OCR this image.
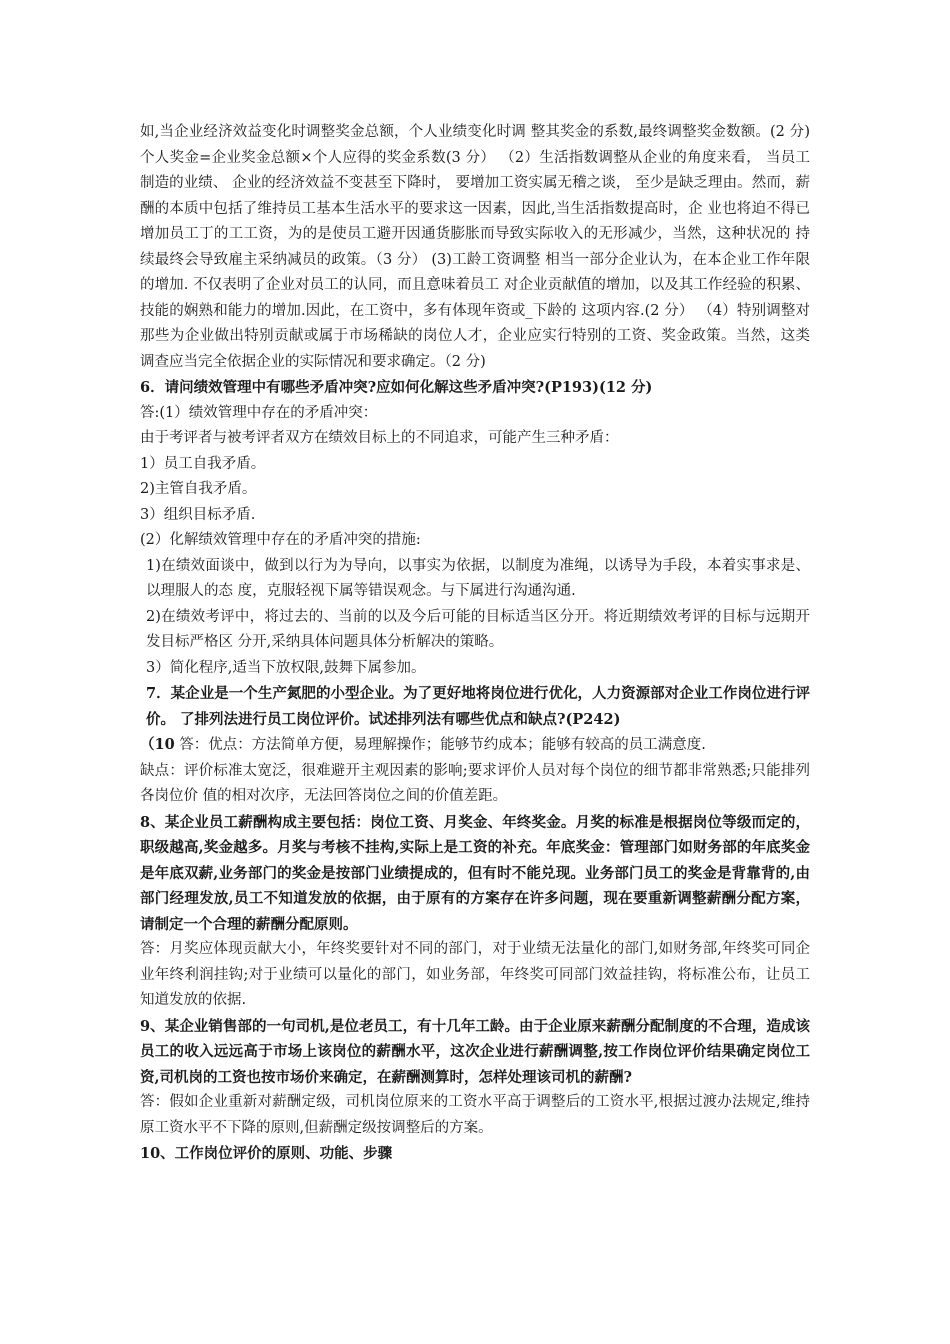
如,当企业经济效益变化时调整奖金总额，个人业绩变化时调 整其奖金的系数,最终调整奖金数额。(2 分) 个人奖金=企业奖金总额×个人应得的奖金系数(3 分） （2）生活指数调整从企业的角度来看， 当员工制造的业绩、 企业的经济效益不变甚至下降时， 要增加工资实属无稽之谈， 至少是缺乏理由。然而，薪酬的本质中包括了维持员工基本生活水平的要求这一因素，因此,当生活指数提高时，企 业也将迫不得已增加员工丁的工工资，为的是使员工避开因通货膨胀而导致实际收入的无形减少，当然，这种状况的 持续最终会导致雇主采纳减员的政策。（3 分） (3)工龄工资调整 相当一部分企业认为，在本企业工作年限的增加. 不仅表明了企业对员工的认同，而且意味着员工 对企业贡献值的增加，以及其工作经验的积累、技能的娴熟和能力的增加.因此，在工资中，多有体现年资或_下龄的 这项内容.(2 分） （4）特别调整对那些为企业做出特别贡献或属于市场稀缺的岗位人才，企业应实行特别的工资、奖金政策。当然，这类 调查应当完全依据企业的实际情况和要求确定。（2 分)

6．请问绩效管理中有哪些矛盾冲突?应如何化解这些矛盾冲突?(P193)(12 分)

答:(1）绩效管理中存在的矛盾冲突：

由于考评者与被考评者双方在绩效目标上的不同追求，可能产生三种矛盾：

1）员工自我矛盾。

2)主管自我矛盾。

3）组织目标矛盾.

(2）化解绩效管理中存在的矛盾冲突的措施:

1)在绩效面谈中，做到以行为为导向，以事实为依据，以制度为准绳，以诱导为手段，本着实事求是、以理服人的态 度，克服轻视下属等错误观念。与下属进行沟通沟通.

2)在绩效考评中，将过去的、当前的以及今后可能的目标适当区分开。将近期绩效考评的目标与远期开发目标严格区 分开,采纳具体问题具体分析解决的策略。

3）简化程序,适当下放权限,鼓舞下属参加。

7．某企业是一个生产氮肥的小型企业。为了更好地将岗位进行优化，人力资源部对企业工作岗位进行评价。 了排列法进行员工岗位评价。试述排列法有哪些优点和缺点?(P242)

（10 答：优点：方法简单方便，易理解操作；能够节约成本；能够有较高的员工满意度.

缺点：评价标准太宽泛，很难避开主观因素的影响;要求评价人员对每个岗位的细节都非常熟悉;只能排列各岗位价 值的相对次序，无法回答岗位之间的价值差距。

8、某企业员工薪酬构成主要包括：岗位工资、月奖金、年终奖金。月奖的标准是根据岗位等级而定的，职级越高,奖金越多。月奖与考核不挂构,实际上是工资的补充。年底奖金：管理部门如财务部的年底奖金是年底双薪,业务部门的奖金是按部门业绩提成的，但有时不能兑现。业务部门员工的奖金是背靠背的,由部门经理发放,员工不知道发放的依据，由于原有的方案存在许多问题，现在要重新调整薪酬分配方案，请制定一个合理的薪酬分配原则。

答：月奖应体现贡献大小，年终奖要针对不同的部门，对于业绩无法量化的部门,如财务部,年终奖可同企业年终利润挂钩;对于业绩可以量化的部门，如业务部，年终奖可同部门效益挂钩，将标准公布，让员工知道发放的依据.

9、某企业销售部的一句司机,是位老员工，有十几年工龄。由于企业原来薪酬分配制度的不合理，造成该员工的收入远远高于市场上该岗位的薪酬水平，这次企业进行薪酬调整,按工作岗位评价结果确定岗位工资,司机岗的工资也按市场价来确定，在薪酬测算时，怎样处理该司机的薪酬?

答：假如企业重新对薪酬定级，司机岗位原来的工资水平高于调整后的工资水平,根据过渡办法规定,维持原工资水平不下降的原则,但薪酬定级按调整后的方案。

10、工作岗位评价的原则、功能、步骤
